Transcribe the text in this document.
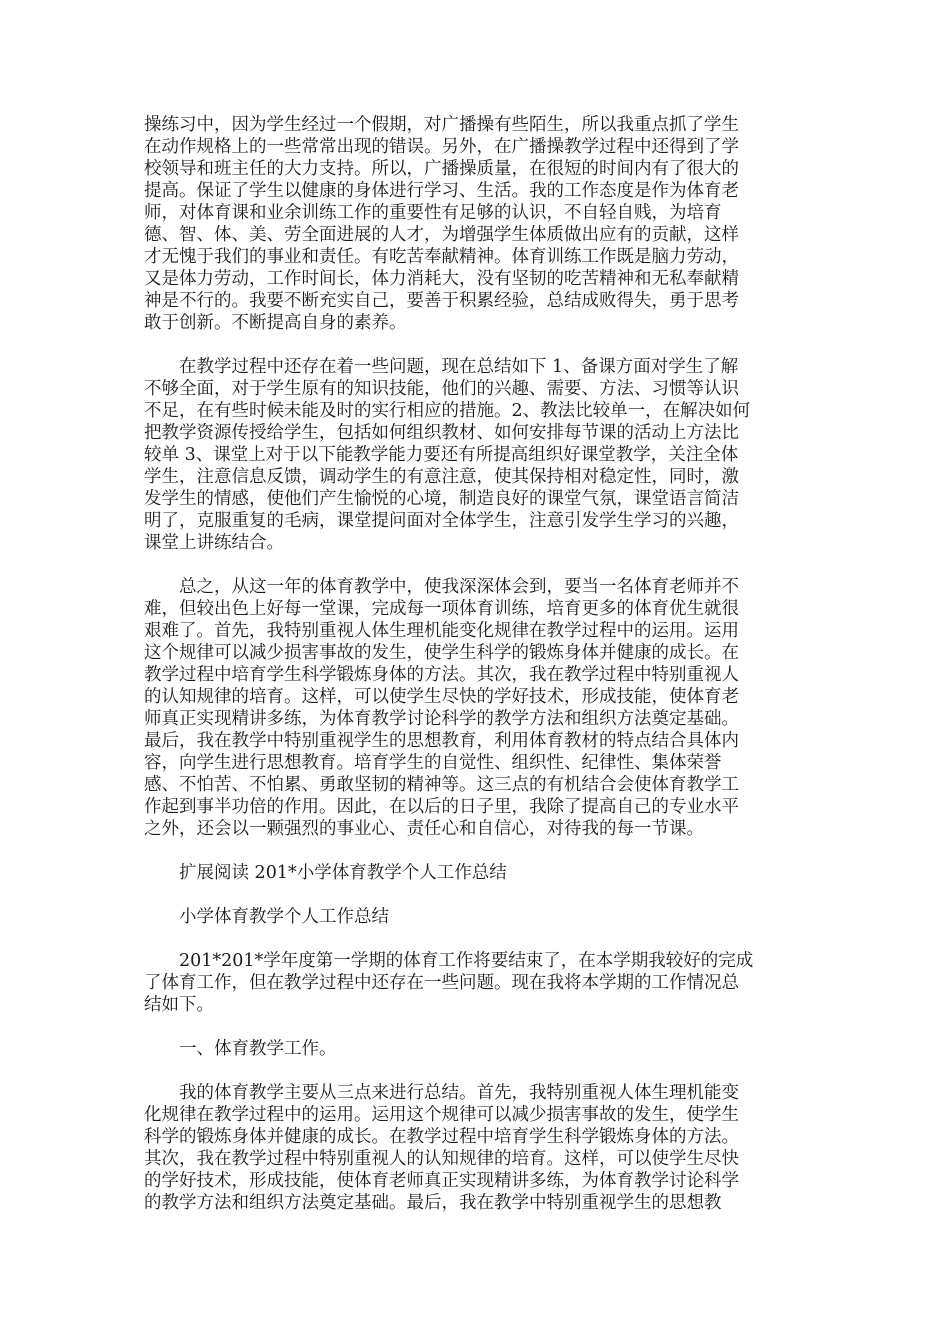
操练习中，因为学生经过一个假期，对广播操有些陌生，所以我重点抓了学生
在动作规格上的一些常常出现的错误。另外，在广播操教学过程中还得到了学
校领导和班主任的大力支持。所以，广播操质量，在很短的时间内有了很大的
提高。保证了学生以健康的身体进行学习、生活。我的工作态度是作为体育老
师，对体育课和业余训练工作的重要性有足够的认识，不自轻自贱，为培育
德、智、体、美、劳全面进展的人才，为增强学生体质做出应有的贡献，这样
才无愧于我们的事业和责任。有吃苦奉献精神。体育训练工作既是脑力劳动，
又是体力劳动，工作时间长，体力消耗大，没有坚韧的吃苦精神和无私奉献精
神是不行的。我要不断充实自己，要善于积累经验，总结成败得失，勇于思考
敢于创新。不断提高自身的素养。
在教学过程中还存在着一些问题，现在总结如下 1、备课方面对学生了解
不够全面，对于学生原有的知识技能，他们的兴趣、需要、方法、习惯等认识
不足，在有些时候未能及时的实行相应的措施。2、教法比较单一，在解决如何
把教学资源传授给学生，包括如何组织教材、如何安排每节课的活动上方法比
较单 3、课堂上对于以下能教学能力要还有所提高组织好课堂教学，关注全体
学生，注意信息反馈，调动学生的有意注意，使其保持相对稳定性，同时，激
发学生的情感，使他们产生愉悦的心境，制造良好的课堂气氛，课堂语言简洁
明了，克服重复的毛病，课堂提问面对全体学生，注意引发学生学习的兴趣，
课堂上讲练结合。
总之，从这一年的体育教学中，使我深深体会到，要当一名体育老师并不
难，但较出色上好每一堂课，完成每一项体育训练，培育更多的体育优生就很
艰难了。首先，我特别重视人体生理机能变化规律在教学过程中的运用。运用
这个规律可以减少损害事故的发生，使学生科学的锻炼身体并健康的成长。在
教学过程中培育学生科学锻炼身体的方法。其次，我在教学过程中特别重视人
的认知规律的培育。这样，可以使学生尽快的学好技术，形成技能，使体育老
师真正实现精讲多练，为体育教学讨论科学的教学方法和组织方法奠定基础。
最后，我在教学中特别重视学生的思想教育，利用体育教材的特点结合具体内
容，向学生进行思想教育。培育学生的自觉性、组织性、纪律性、集体荣誉
感、不怕苦、不怕累、勇敢坚韧的精神等。这三点的有机结合会使体育教学工
作起到事半功倍的作用。因此，在以后的日子里，我除了提高自己的专业水平
之外，还会以一颗强烈的事业心、责任心和自信心，对待我的每一节课。
扩展阅读 201*小学体育教学个人工作总结
小学体育教学个人工作总结
201*201*学年度第一学期的体育工作将要结束了，在本学期我较好的完成
了体育工作，但在教学过程中还存在一些问题。现在我将本学期的工作情况总
结如下。
一、体育教学工作。
我的体育教学主要从三点来进行总结。首先，我特别重视人体生理机能变
化规律在教学过程中的运用。运用这个规律可以减少损害事故的发生，使学生
科学的锻炼身体并健康的成长。在教学过程中培育学生科学锻炼身体的方法。
其次，我在教学过程中特别重视人的认知规律的培育。这样，可以使学生尽快
的学好技术，形成技能，使体育老师真正实现精讲多练，为体育教学讨论科学
的教学方法和组织方法奠定基础。最后，我在教学中特别重视学生的思想教
